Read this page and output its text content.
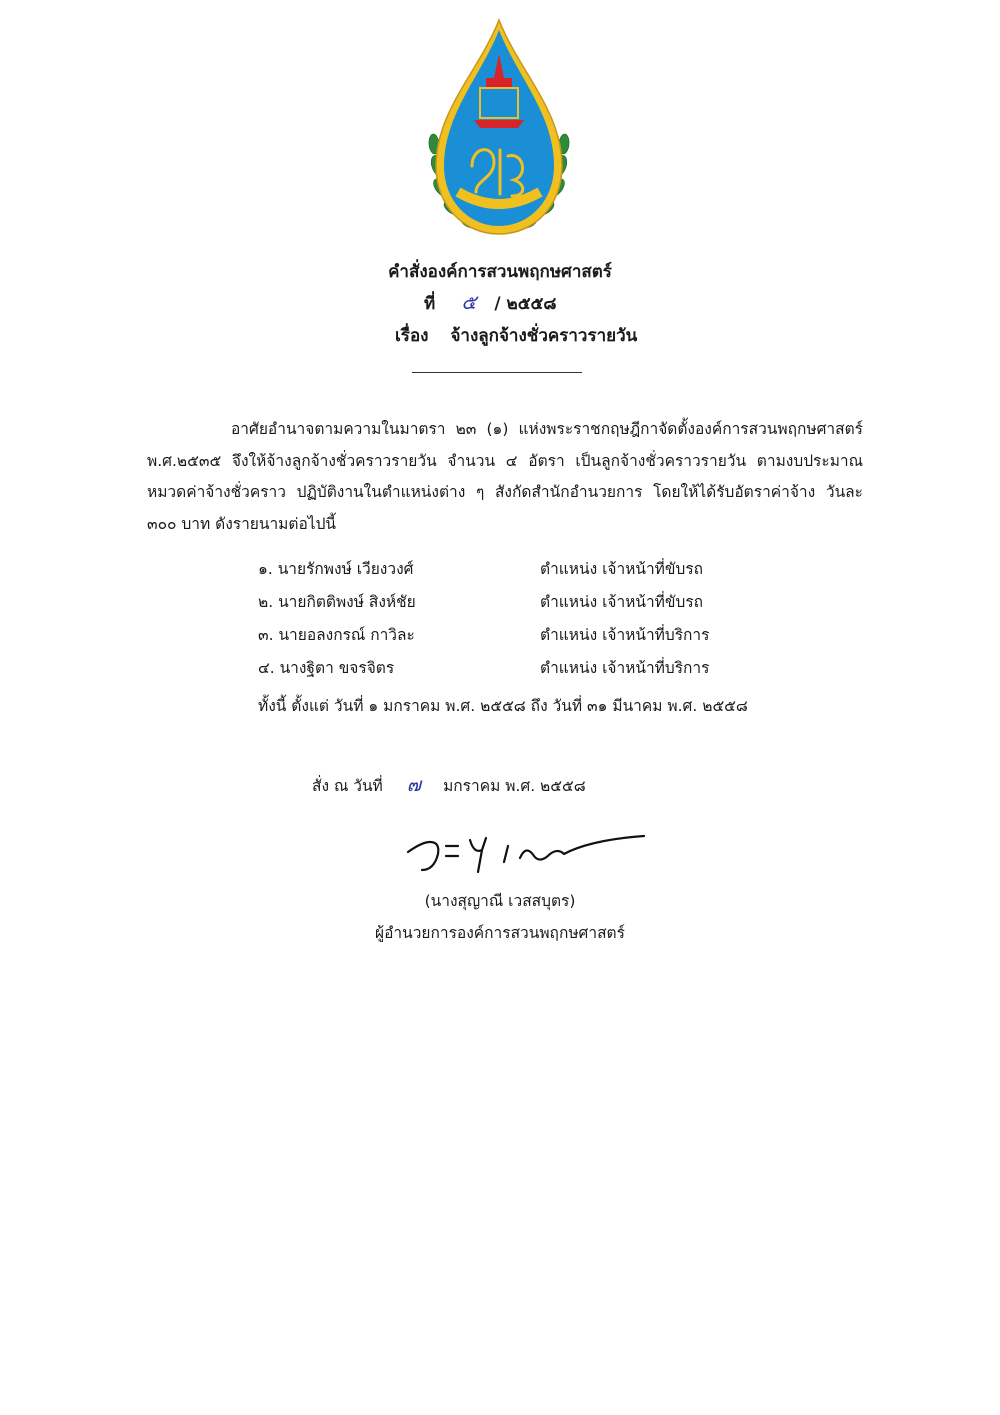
คำสั่งองค์การสวนพฤกษศาสตร์
ที่ ๕ / ๒๕๕๘
เรื่อง จ้างลูกจ้างชั่วคราวรายวัน
อาศัยอำนาจตามความในมาตรา ๒๓ (๑) แห่งพระราชกฤษฎีกาจัดตั้งองค์การสวนพฤกษศาสตร์ พ.ศ.๒๕๓๕ จึงให้จ้างลูกจ้างชั่วคราวรายวัน จำนวน ๔ อัตรา เป็นลูกจ้างชั่วคราวรายวัน ตามงบประมาณหมวดค่าจ้างชั่วคราว ปฏิบัติงานในตำแหน่งต่าง ๆ สังกัดสำนักอำนวยการ โดยให้ได้รับอัตราค่าจ้าง วันละ ๓๐๐ บาท ดังรายนามต่อไปนี้
๑. นายรักพงษ์ เวียงวงศ์	ตำแหน่ง เจ้าหน้าที่ขับรถ
๒. นายกิตติพงษ์ สิงห์ชัย	ตำแหน่ง เจ้าหน้าที่ขับรถ
๓. นายอลงกรณ์ กาวิละ	ตำแหน่ง เจ้าหน้าที่บริการ
๔. นางฐิตา ขจรจิตร	ตำแหน่ง เจ้าหน้าที่บริการ
ทั้งนี้ ตั้งแต่ วันที่ ๑ มกราคม พ.ศ. ๒๕๕๘ ถึง วันที่ ๓๑ มีนาคม พ.ศ. ๒๕๕๘
สั่ง ณ วันที่ ๗ มกราคม พ.ศ. ๒๕๕๘
(นางสุญาณี เวสสบุตร)
ผู้อำนวยการองค์การสวนพฤกษศาสตร์
